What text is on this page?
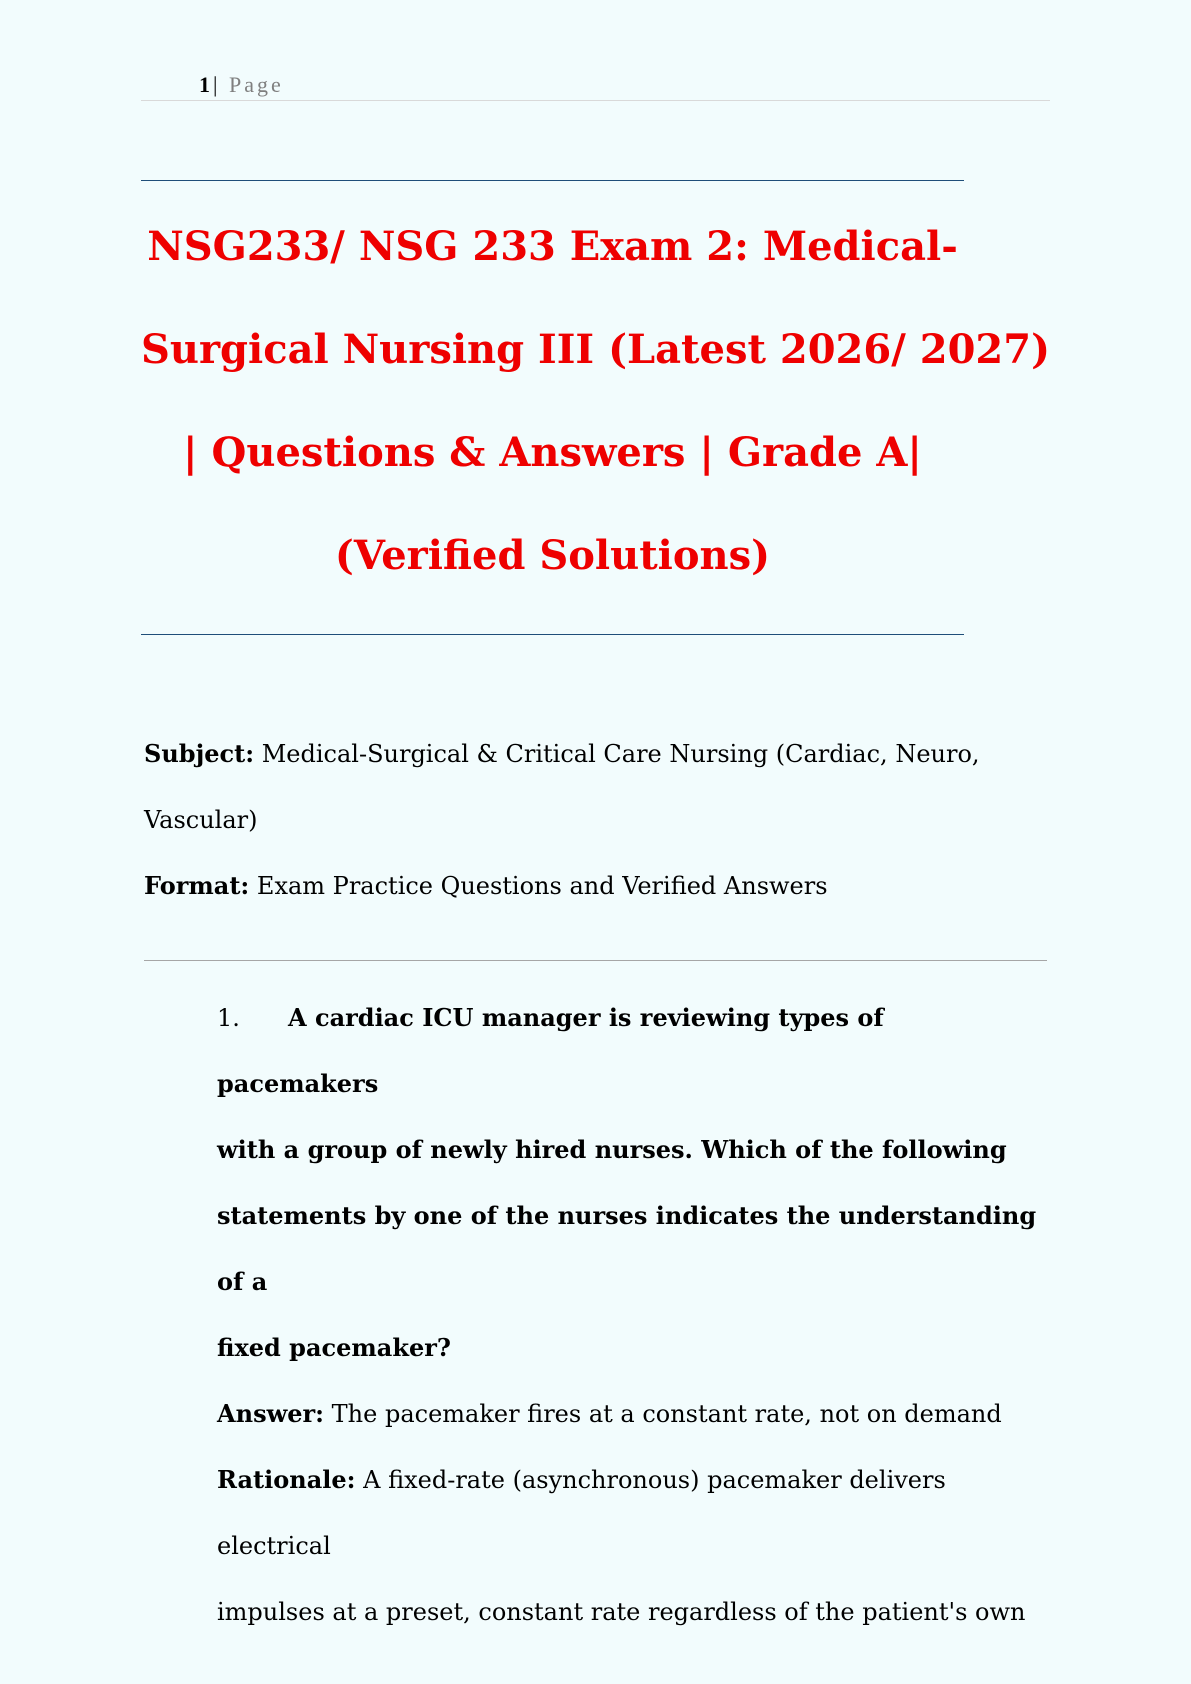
1 | Page
NSG233/ NSG 233 Exam 2: Medical-
Surgical Nursing III (Latest 2026/ 2027)
| Questions & Answers | Grade A|
(Verified Solutions)
Subject: Medical-Surgical & Critical Care Nursing (Cardiac, Neuro,
Vascular)
Format: Exam Practice Questions and Verified Answers
1. A cardiac ICU manager is reviewing types of pacemakers
with a group of newly hired nurses. Which of the following
statements by one of the nurses indicates the understanding of a
fixed pacemaker?
Answer: The pacemaker fires at a constant rate, not on demand
Rationale: A fixed-rate (asynchronous) pacemaker delivers electrical
impulses at a preset, constant rate regardless of the patient's own
